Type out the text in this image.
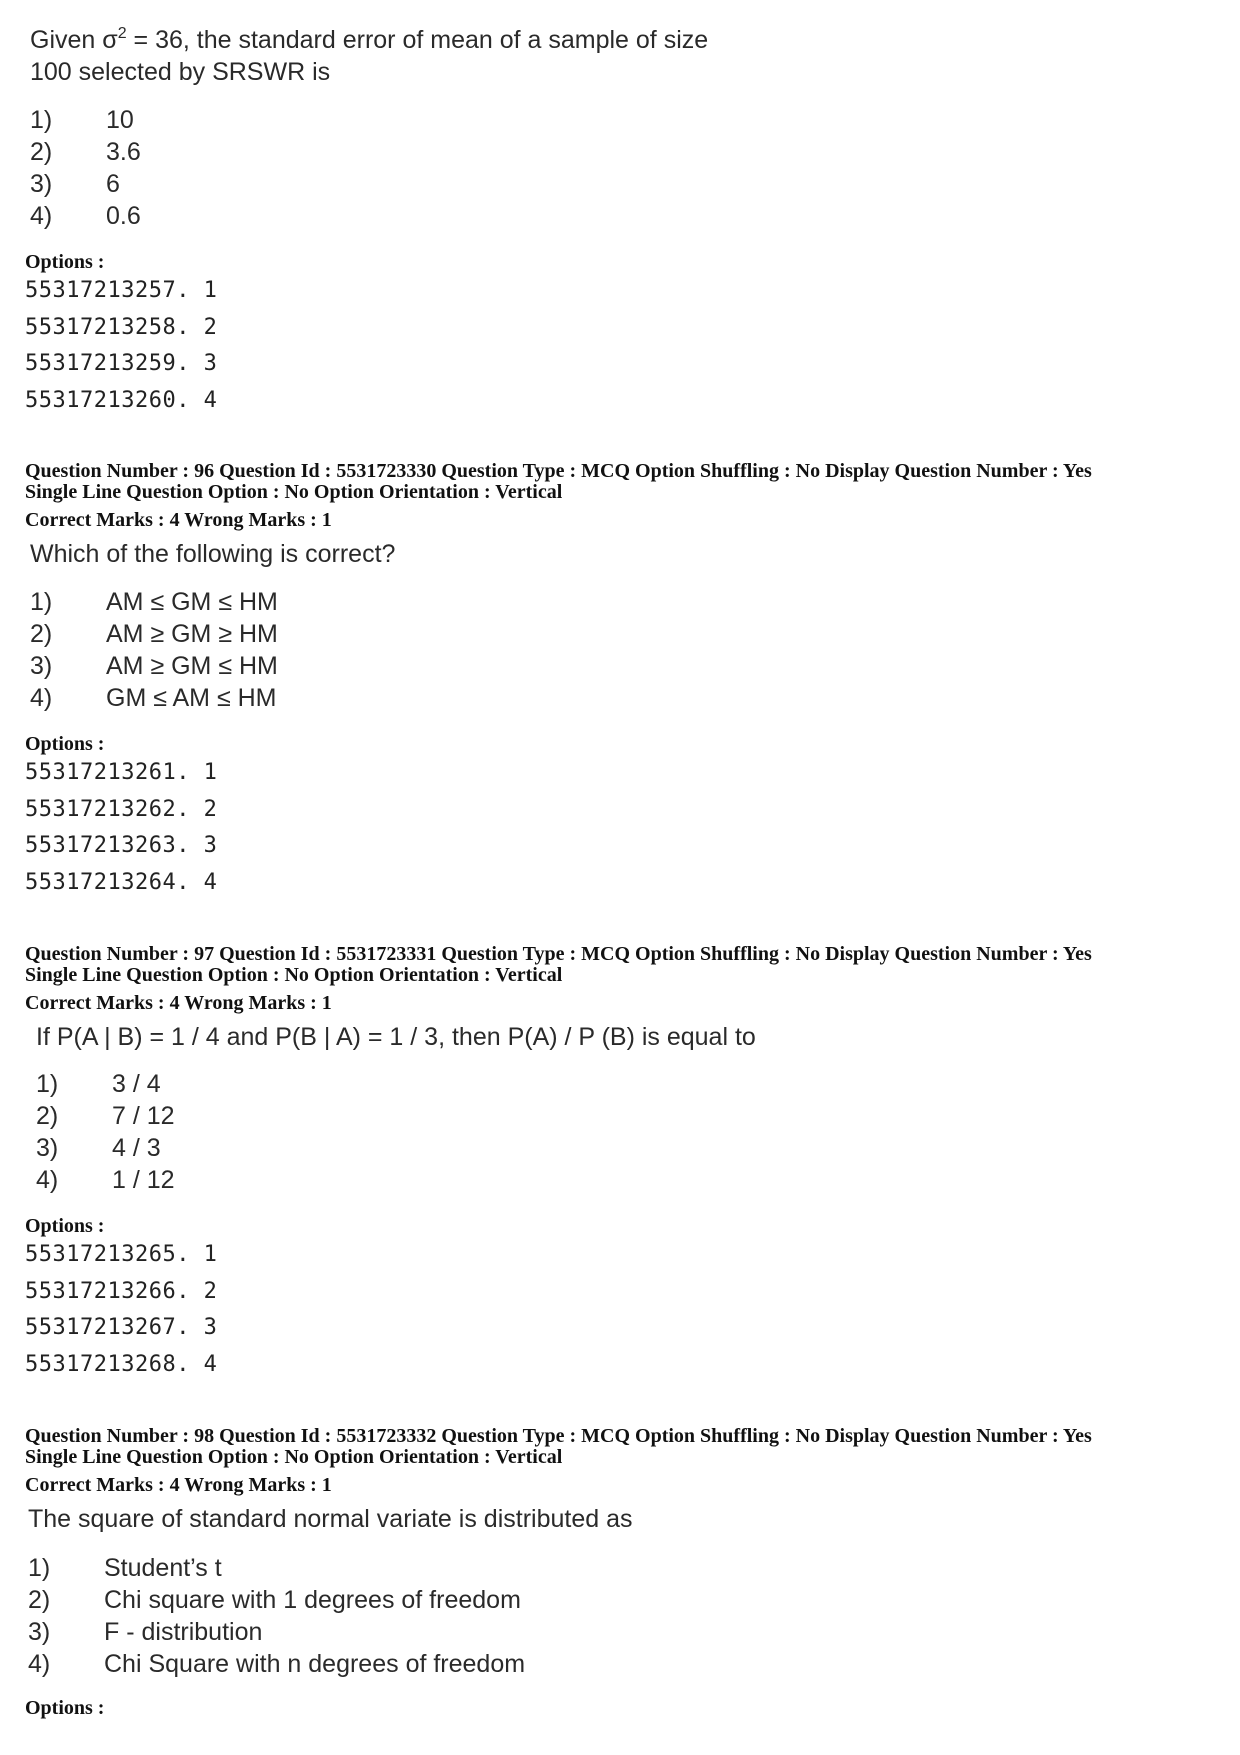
Given $\sigma^2 = 36$, the standard error of mean of a sample of size
100 selected by SRSWR is
1) 10
2) 3.6
3) 6
4) 0.6
Options :
55317213257. 1
55317213258. 2
55317213259. 3
55317213260. 4
Question Number : 96 Question Id : 5531723330 Question Type : MCQ Option Shuffling : No Display Question Number : Yes
Single Line Question Option : No Option Orientation : Vertical
Correct Marks : 4 Wrong Marks : 1
Which of the following is correct?
1) AM ≤ GM ≤ HM
2) AM ≥ GM ≥ HM
3) AM ≥ GM ≤ HM
4) GM ≤ AM ≤ HM
Options :
55317213261. 1
55317213262. 2
55317213263. 3
55317213264. 4
Question Number : 97 Question Id : 5531723331 Question Type : MCQ Option Shuffling : No Display Question Number : Yes
Single Line Question Option : No Option Orientation : Vertical
Correct Marks : 4 Wrong Marks : 1
If P(A | B) = 1 / 4 and P(B | A) = 1 / 3, then P(A) / P (B) is equal to
1) 3 / 4
2) 7 / 12
3) 4 / 3
4) 1 / 12
Options :
55317213265. 1
55317213266. 2
55317213267. 3
55317213268. 4
Question Number : 98 Question Id : 5531723332 Question Type : MCQ Option Shuffling : No Display Question Number : Yes
Single Line Question Option : No Option Orientation : Vertical
Correct Marks : 4 Wrong Marks : 1
The square of standard normal variate is distributed as
1) Student’s t
2) Chi square with 1 degrees of freedom
3) F - distribution
4) Chi Square with n degrees of freedom
Options :
